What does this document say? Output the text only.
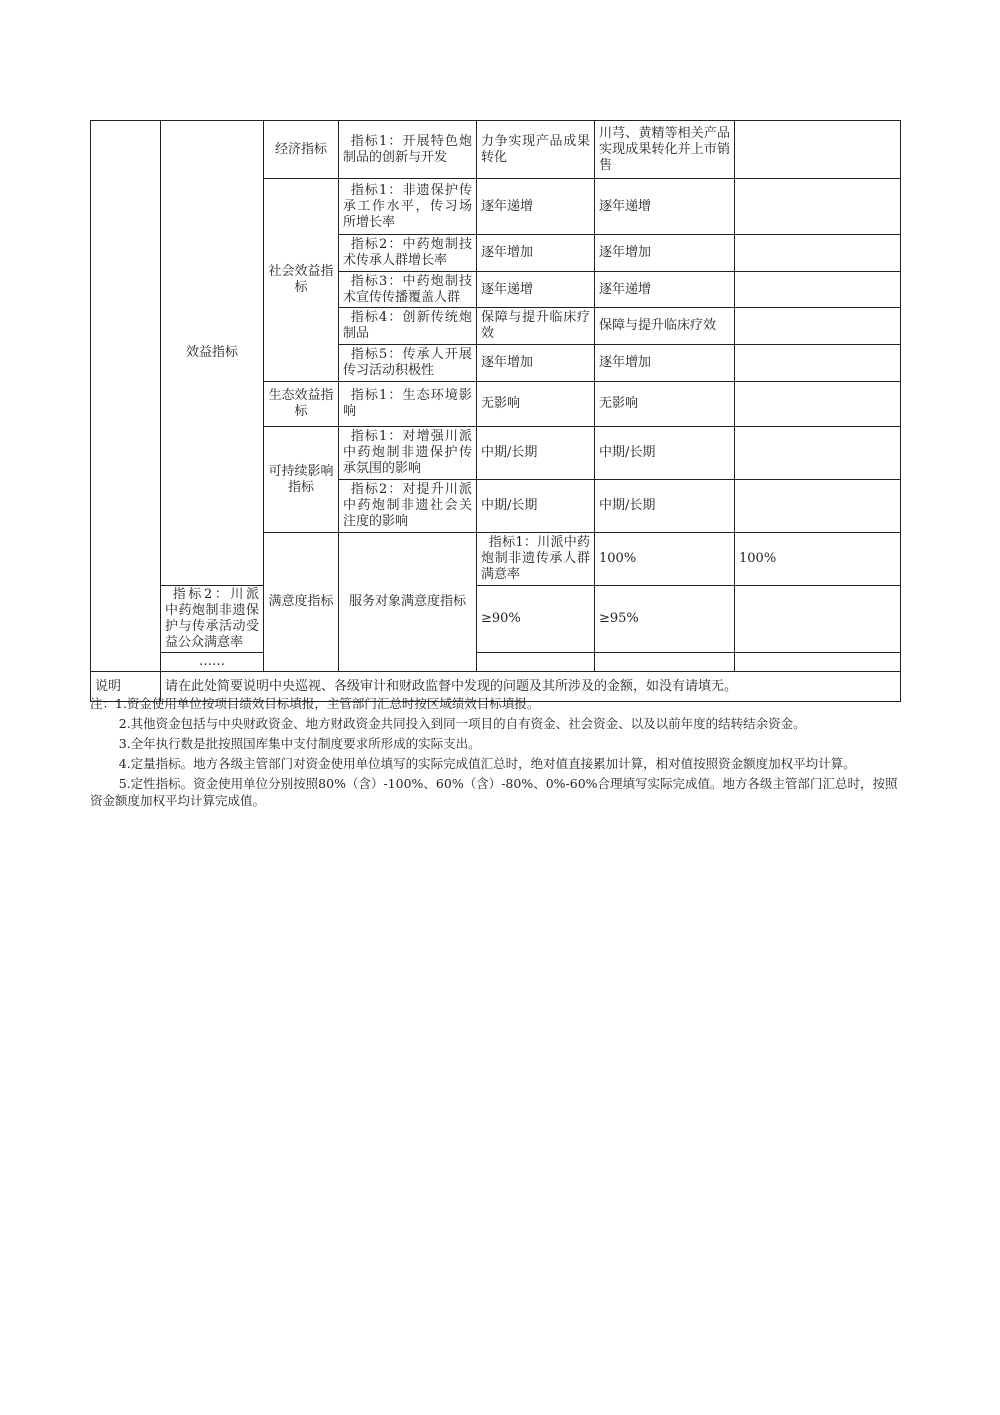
	效益指标	经济指标	指标1：开展特色炮制品的创新与开发	力争实现产品成果转化	川芎、黄精等相关产品实现成果转化并上市销售		
		社会效益指标	指标1：非遗保护传承工作水平，传习场所增长率	逐年递增	逐年递增		

			指标2：中药炮制技术传承人群增长率	逐年增加	逐年增加		

			指标3：中药炮制技术宣传传播覆盖人群	逐年递增	逐年递增		

			指标4：创新传统炮制品	保障与提升临床疗效	保障与提升临床疗效		

			指标5：传承人开展传习活动积极性	逐年增加	逐年增加		
		生态效益指标	指标1：生态环境影响	无影响	无影响		
		可持续影响指标	指标1：对增强川派中药炮制非遗保护传承氛围的影响	中期/长期	中期/长期		

			指标2：对提升川派中药炮制非遗社会关注度的影响	中期/长期	中期/长期		
		满意度指标	服务对象满意度指标	指标1：川派中药炮制非遗传承人群满意率	100%	100%	

	指标2：川派中药炮制非遗保护与传承活动受益公众满意率			≥90%	≥95%		
	……						
说明	请在此处简要说明中央巡视、各级审计和财政监督中发现的问题及其所涉及的金额，如没有请填无。						

注：1.资金使用单位按项目绩效目标填报，主管部门汇总时按区域绩效目标填报。

2.其他资金包括与中央财政资金、地方财政资金共同投入到同一项目的自有资金、社会资金、以及以前年度的结转结余资金。

3.全年执行数是批按照国库集中支付制度要求所形成的实际支出。

4.定量指标。地方各级主管部门对资金使用单位填写的实际完成值汇总时，绝对值直接累加计算，相对值按照资金额度加权平均计算。

5.定性指标。资金使用单位分别按照80%（含）-100%、60%（含）-80%、0%-60%合理填写实际完成值。地方各级主管部门汇总时，按照资金额度加权平均计算完成值。
